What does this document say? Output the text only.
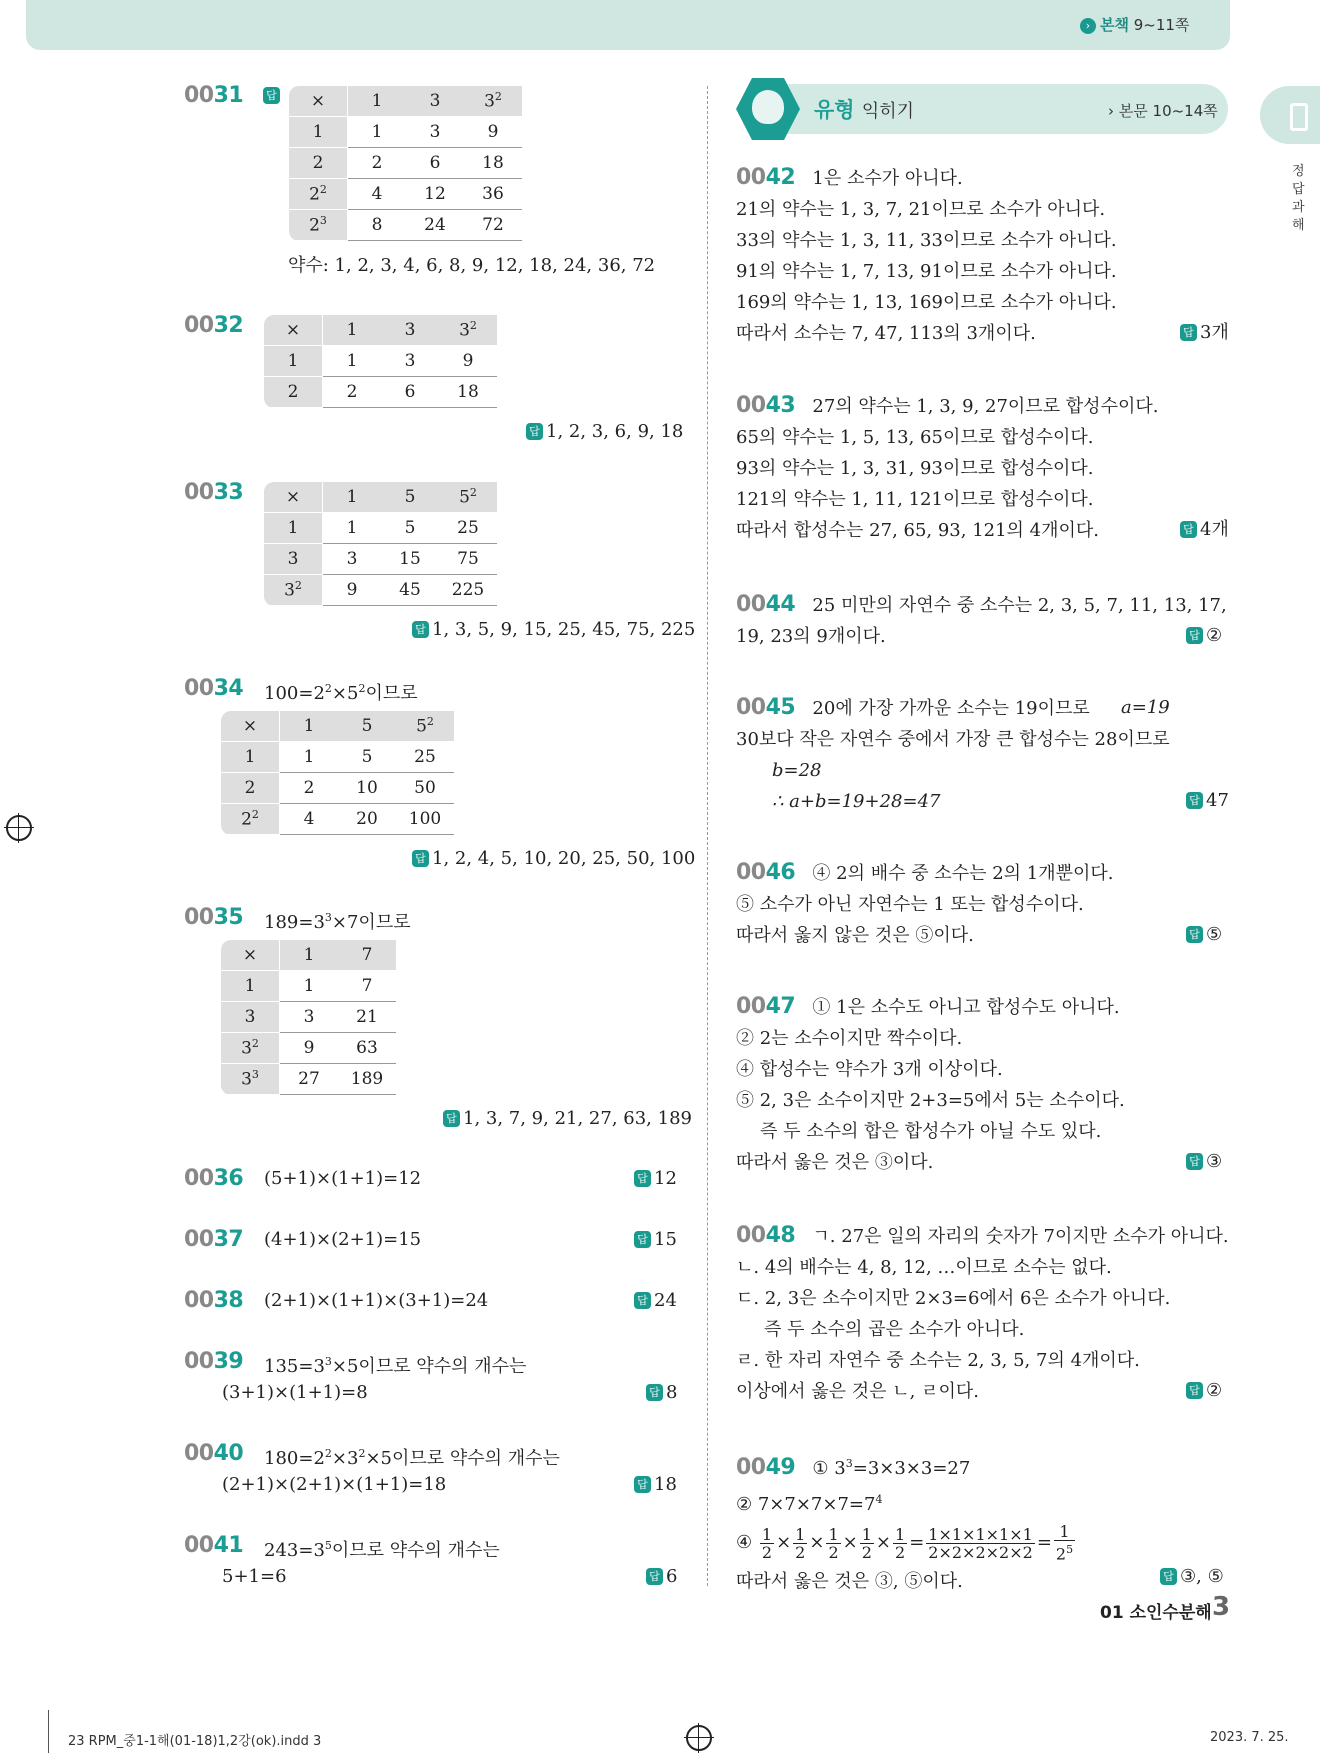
› 본책 9~11쪽
정
답
과
해
0031 답 ×	1	3	$3^2$
1	1	3	9
2	2	6	18
$2^2$	4	12	36
$2^3$	8	24	72
약수: 1, 2, 3, 4, 6, 8, 9, 12, 18, 24, 36, 72
0032	×	1	3	$3^2$
1	1	3	9
2	2	6	18
답 1, 2, 3, 6, 9, 18
0033	×	1	5	$5^2$
1	1	5	25
3	3	15	75
$3^2$	9	45	225
답 1, 3, 5, 9, 15, 25, 45, 75, 225
0034 $100=2^2\times 5^2$이므로
×	1	5	$5^2$
1	1	5	25
2	2	10	50
$2^2$	4	20	100
답 1, 2, 4, 5, 10, 20, 25, 50, 100
0035 $189=3^3\times 7$이므로
×	1	7
1	1	7
3	3	21
$3^2$	9	63
$3^3$	27	189
답 1, 3, 7, 9, 21, 27, 63, 189
0036 (5+1)×(1+1)=12	답 12
0037 (4+1)×(2+1)=15	답 15
0038 (2+1)×(1+1)×(3+1)=24	답 24
0039 $135=3^3\times 5$이므로 약수의 개수는
(3+1)×(1+1)=8	답 8
0040 $180=2^2\times 3^2\times 5$이므로 약수의 개수는
(2+1)×(2+1)×(1+1)=18	답 18
0041 $243=3^5$이므로 약수의 개수는
5+1=6	답 6
유형 익히기	› 본문 10~14쪽
0042 1은 소수가 아니다.
21의 약수는 1, 3, 7, 21이므로 소수가 아니다.
33의 약수는 1, 3, 11, 33이므로 소수가 아니다.
91의 약수는 1, 7, 13, 91이므로 소수가 아니다.
169의 약수는 1, 13, 169이므로 소수가 아니다.
따라서 소수는 7, 47, 113의 3개이다.	답 3개
0043 27의 약수는 1, 3, 9, 27이므로 합성수이다.
65의 약수는 1, 5, 13, 65이므로 합성수이다.
93의 약수는 1, 3, 31, 93이므로 합성수이다.
121의 약수는 1, 11, 121이므로 합성수이다.
따라서 합성수는 27, 65, 93, 121의 4개이다.	답 4개
0044 25 미만의 자연수 중 소수는 2, 3, 5, 7, 11, 13, 17,
19, 23의 9개이다.	답 ②
0045 20에 가장 가까운 소수는 19이므로
30보다 작은 자연수 중에서 가장 큰 합성수는 28이므로
b=28
∴ a+b=19+28=47
a=19
답 47
0046 ④ 2의 배수 중 소수는 2의 1개뿐이다.
⑤ 소수가 아닌 자연수는 1 또는 합성수이다.
따라서 옳지 않은 것은 ⑤이다.	답 ⑤
0047 ① 1은 소수도 아니고 합성수도 아니다.
② 2는 소수이지만 짝수이다.
④ 합성수는 약수가 3개 이상이다.
⑤ 2, 3은 소수이지만 2+3=5에서 5는 소수이다.
즉 두 소수의 합은 합성수가 아닐 수도 있다.
따라서 옳은 것은 ③이다.	답 ③
0048 ㄱ. 27은 일의 자리의 숫자가 7이지만 소수가 아니다.
ㄴ. 4의 배수는 4, 8, 12, …이므로 소수는 없다.
ㄷ. 2, 3은 소수이지만 2×3=6에서 6은 소수가 아니다.
즉 두 소수의 곱은 소수가 아니다.
ㄹ. 한 자리 자연수 중 소수는 2, 3, 5, 7의 4개이다.
이상에서 옳은 것은 ㄴ, ㄹ이다.	답 ②
0049   ① $3^3=3\times 3\times 3=27$
② $7\times 7\times 7\times 7=7^4$
④ $\frac{1}{2} \times \frac{1}{2} \times \frac{1}{2} \times \frac{1}{2} \times \frac{1}{2} = \frac{1\times 1\times 1\times 1\times 1}{2\times 2\times 2\times 2\times 2} = \frac{1}{2^5}$
따라서 옳은 것은 ③, ⑤이다.	답 ③, ⑤
01 소인수분해 3
23 RPM_중1-1해(01-18)1,2강(ok).indd 3	2023. 7. 25.
